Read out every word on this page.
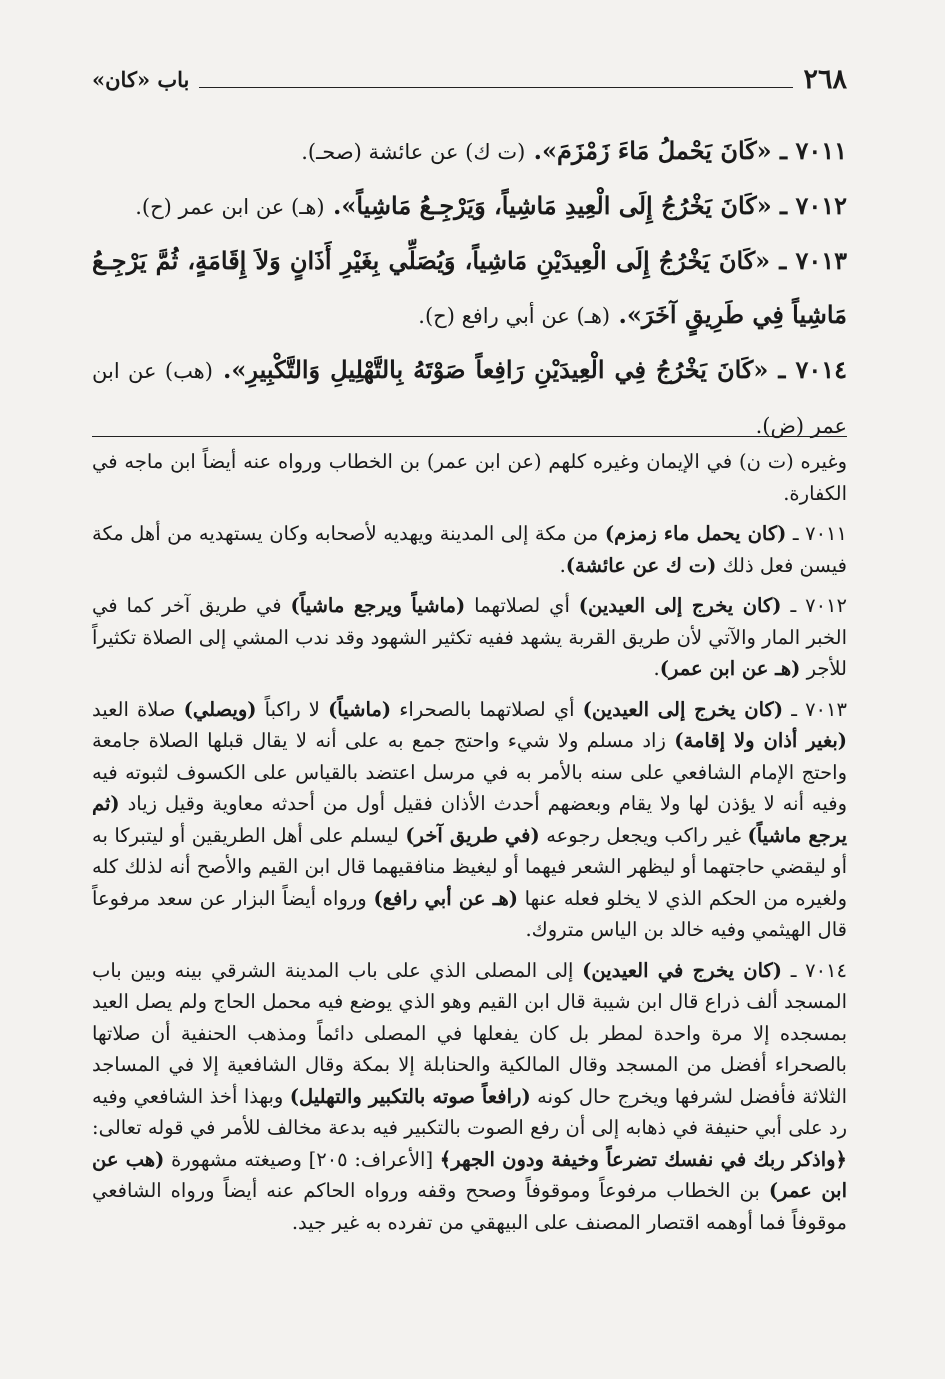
٢٦٨
باب «كان»

٧٠١١ ـ «كَانَ يَحْملُ مَاءَ زَمْزَمَ». (ت ك) عن عائشة (صحـ).

٧٠١٢ ـ «كَانَ يَخْرُجُ إِلَى الْعِيدِ مَاشِياً، وَيَرْجِـعُ مَاشِياً». (هـ) عن ابن عمر (ح).

٧٠١٣ ـ «كَانَ يَخْرُجُ إِلَى الْعِيدَيْنِ مَاشِياً، وَيُصَلِّي بِغَيْرِ أَذَانٍ وَلاَ إِقَامَةٍ، ثُمَّ يَرْجِـعُ مَاشِياً فِي طَرِيقٍ آخَرَ». (هـ) عن أبي رافع (ح).

٧٠١٤ ـ «كَانَ يَخْرُجُ فِي الْعِيدَيْنِ رَافِعاً صَوْتَهُ بِالتَّهْلِيلِ وَالتَّكْبِيرِ». (هب) عن ابن عمر (ض).

وغيره (ت ن) في الإيمان وغيره كلهم (عن ابن عمر) بن الخطاب ورواه عنه أيضاً ابن ماجه في الكفارة.

٧٠١١ ـ (كان يحمل ماء زمزم) من مكة إلى المدينة ويهديه لأصحابه وكان يستهديه من أهل مكة فيسن فعل ذلك (ت ك عن عائشة).

٧٠١٢ ـ (كان يخرج إلى العيدين) أي لصلاتهما (ماشياً ويرجع ماشياً) في طريق آخر كما في الخبر المار والآتي لأن طريق القربة يشهد ففيه تكثير الشهود وقد ندب المشي إلى الصلاة تكثيراً للأجر (هـ عن ابن عمر).

٧٠١٣ ـ (كان يخرج إلى العيدين) أي لصلاتهما بالصحراء (ماشياً) لا راكباً (ويصلي) صلاة العيد (بغير أذان ولا إقامة) زاد مسلم ولا شيء واحتج جمع به على أنه لا يقال قبلها الصلاة جامعة واحتج الإمام الشافعي على سنه بالأمر به في مرسل اعتضد بالقياس على الكسوف لثبوته فيه وفيه أنه لا يؤذن لها ولا يقام وبعضهم أحدث الأذان فقيل أول من أحدثه معاوية وقيل زياد (ثم يرجع ماشياً) غير راكب ويجعل رجوعه (في طريق آخر) ليسلم على أهل الطريقين أو ليتبركا به أو ليقضي حاجتهما أو ليظهر الشعر فيهما أو ليغيظ منافقيهما قال ابن القيم والأصح أنه لذلك كله ولغيره من الحكم الذي لا يخلو فعله عنها (هـ عن أبي رافع) ورواه أيضاً البزار عن سعد مرفوعاً قال الهيثمي وفيه خالد بن الياس متروك.

٧٠١٤ ـ (كان يخرج في العيدين) إلى المصلى الذي على باب المدينة الشرقي بينه وبين باب المسجد ألف ذراع قال ابن شيبة قال ابن القيم وهو الذي يوضع فيه محمل الحاج ولم يصل العيد بمسجده إلا مرة واحدة لمطر بل كان يفعلها في المصلى دائماً ومذهب الحنفية أن صلاتها بالصحراء أفضل من المسجد وقال المالكية والحنابلة إلا بمكة وقال الشافعية إلا في المساجد الثلاثة فأفضل لشرفها ويخرج حال كونه (رافعاً صوته بالتكبير والتهليل) وبهذا أخذ الشافعي وفيه رد على أبي حنيفة في ذهابه إلى أن رفع الصوت بالتكبير فيه بدعة مخالف للأمر في قوله تعالى: ﴿واذكر ربك في نفسك تضرعاً وخيفة ودون الجهر﴾ [الأعراف: ٢٠٥] وصيغته مشهورة (هب عن ابن عمر) بن الخطاب مرفوعاً وموقوفاً وصحح وقفه ورواه الحاكم عنه أيضاً ورواه الشافعي موقوفاً فما أوهمه اقتصار المصنف على البيهقي من تفرده به غير جيد.
